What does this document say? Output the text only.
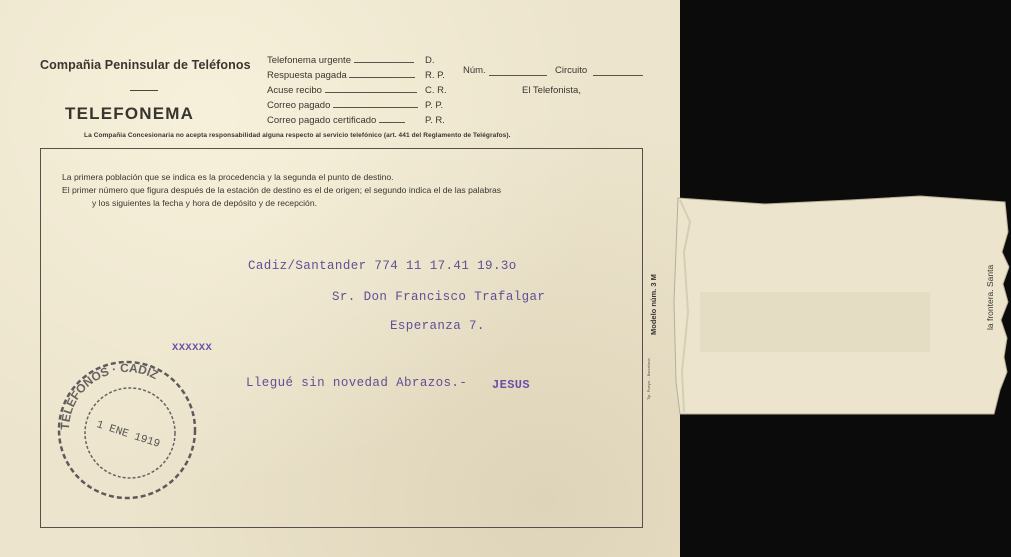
Compañia Peninsular de Teléfonos
TELEFONEMA
Telefonema urgente	D.
Respuesta pagada	R. P.
Acuse recibo	C. R.
Correo pagado	P. P.
Correo pagado certificado	P. R.
Núm.	Circuito
El Telefonista,
La Compañia Concesionaria no acepta responsabilidad alguna respecto al servicio telefónico (art. 441 del Reglamento de Telégrafos).
La primera población que se indica es la procedencia y la segunda el punto de destino.
El primer número que figura después de la estación de destino es el de origen; el segundo indica el de las palabras
y los siguientes la fecha y hora de depósito y de recepción.
Cadiz/Santander 774 11 17.41 19.3o
Sr. Don Francisco Trafalgar
Esperanza 7.
XXXXXX
Llegué sin novedad Abrazos.- JESUS
TELEFONOS · CADIZ
1 ENE 1919
Modelo núm. 3 M
Tip. Pueyo. - Barcelona
la frontera. Santa
